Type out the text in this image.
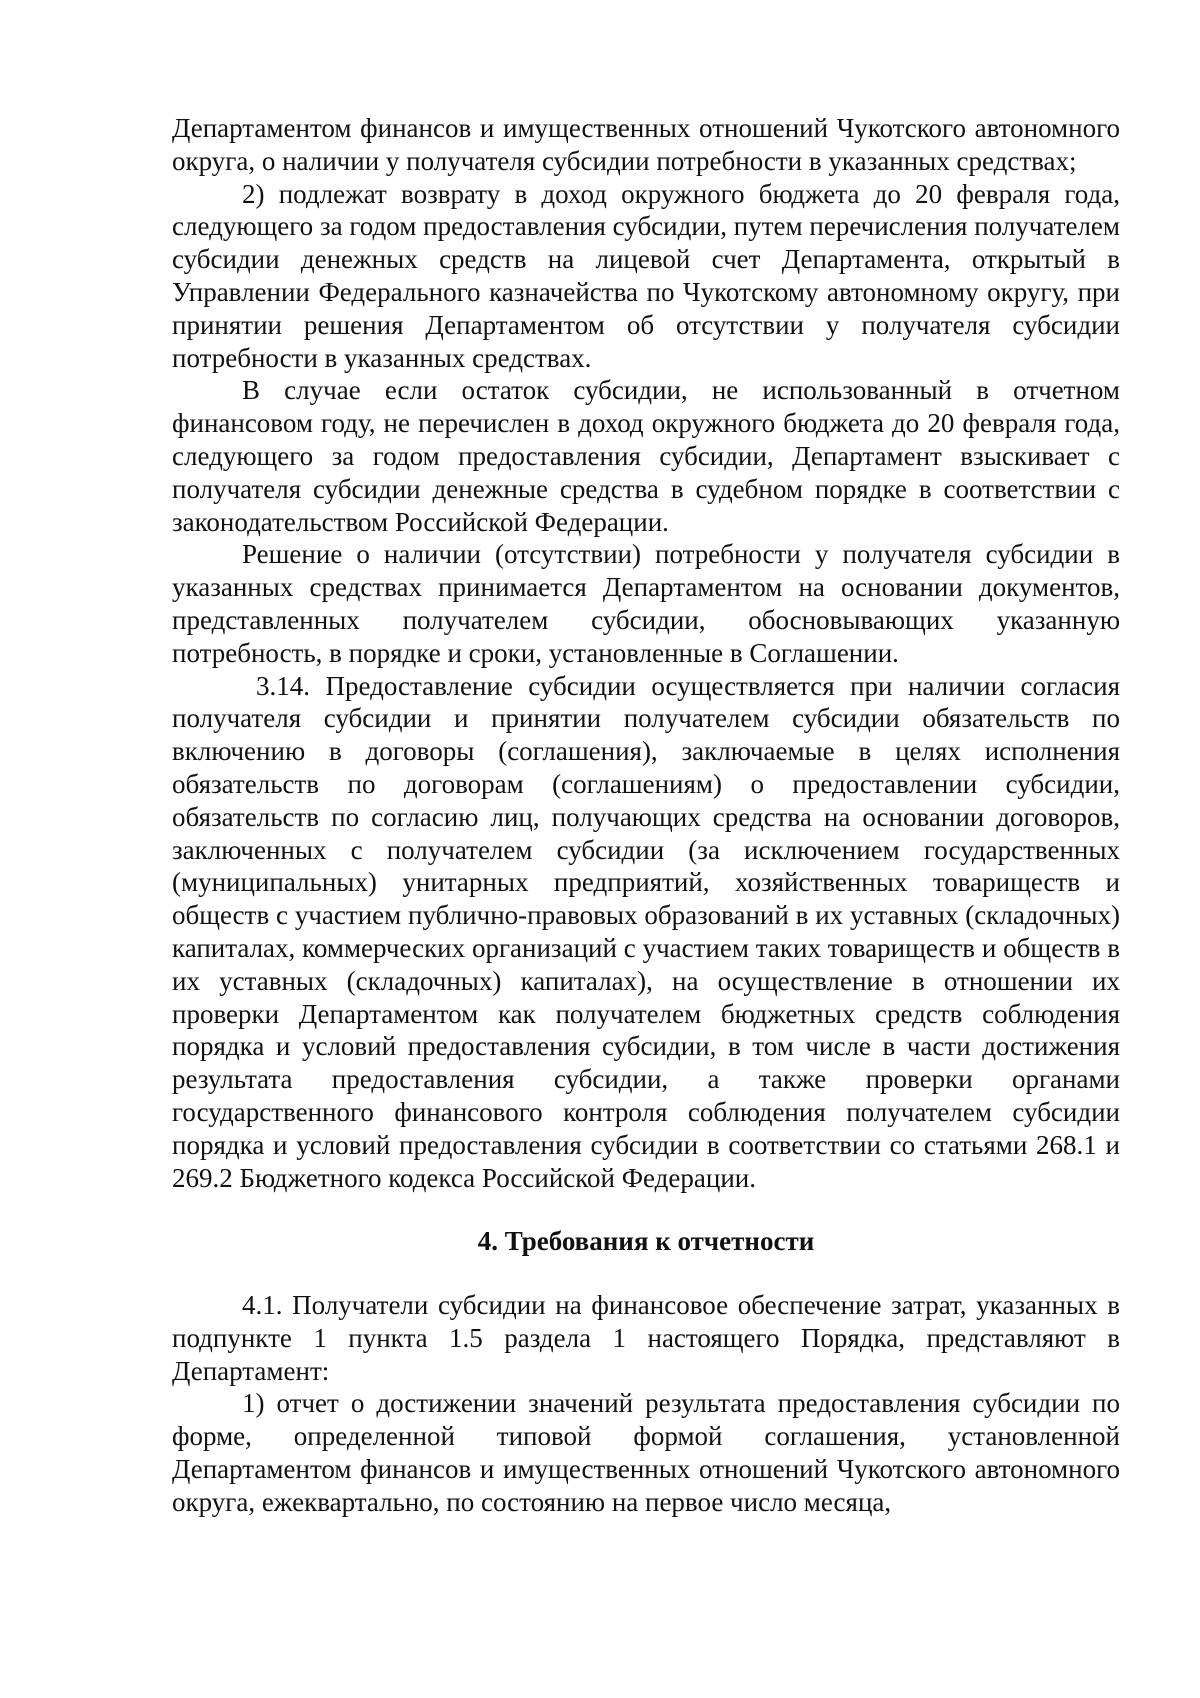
Департаментом финансов и имущественных отношений Чукотского автономного округа, о наличии у получателя субсидии потребности в указанных средствах;

2) подлежат возврату в доход окружного бюджета до 20 февраля года, следующего за годом предоставления субсидии, путем перечисления получателем субсидии денежных средств на лицевой счет Департамента, открытый в Управлении Федерального казначейства по Чукотскому автономному округу, при принятии решения Департаментом об отсутствии у получателя субсидии потребности в указанных средствах.

В случае если остаток субсидии, не использованный в отчетном финансовом году, не перечислен в доход окружного бюджета до 20 февраля года, следующего за годом предоставления субсидии, Департамент взыскивает с получателя субсидии денежные средства в судебном порядке в соответствии с законодательством Российской Федерации.

Решение о наличии (отсутствии) потребности у получателя субсидии в указанных средствах принимается Департаментом на основании документов, представленных получателем субсидии, обосновывающих указанную потребность, в порядке и сроки, установленные в Соглашении.

3.14. Предоставление субсидии осуществляется при наличии согласия получателя субсидии и принятии получателем субсидии обязательств по включению в договоры (соглашения), заключаемые в целях исполнения обязательств по договорам (соглашениям) о предоставлении субсидии, обязательств по согласию лиц, получающих средства на основании договоров, заключенных с получателем субсидии (за исключением государственных (муниципальных) унитарных предприятий, хозяйственных товариществ и обществ с участием публично-правовых образований в их уставных (складочных) капиталах, коммерческих организаций с участием таких товариществ и обществ в их уставных (складочных) капиталах), на осуществление в отношении их проверки Департаментом как получателем бюджетных средств соблюдения порядка и условий предоставления субсидии, в том числе в части достижения результата предоставления субсидии, а также проверки органами государственного финансового контроля соблюдения получателем субсидии порядка и условий предоставления субсидии в соответствии со статьями 268.1 и 269.2 Бюджетного кодекса Российской Федерации.

4. Требования к отчетности

4.1. Получатели субсидии на финансовое обеспечение затрат, указанных в подпункте 1 пункта 1.5 раздела 1 настоящего Порядка, представляют в Департамент:

1) отчет о достижении значений результата предоставления субсидии по форме, определенной типовой формой соглашения, установленной Департаментом финансов и имущественных отношений Чукотского автономного округа, ежеквартально, по состоянию на первое число месяца,
